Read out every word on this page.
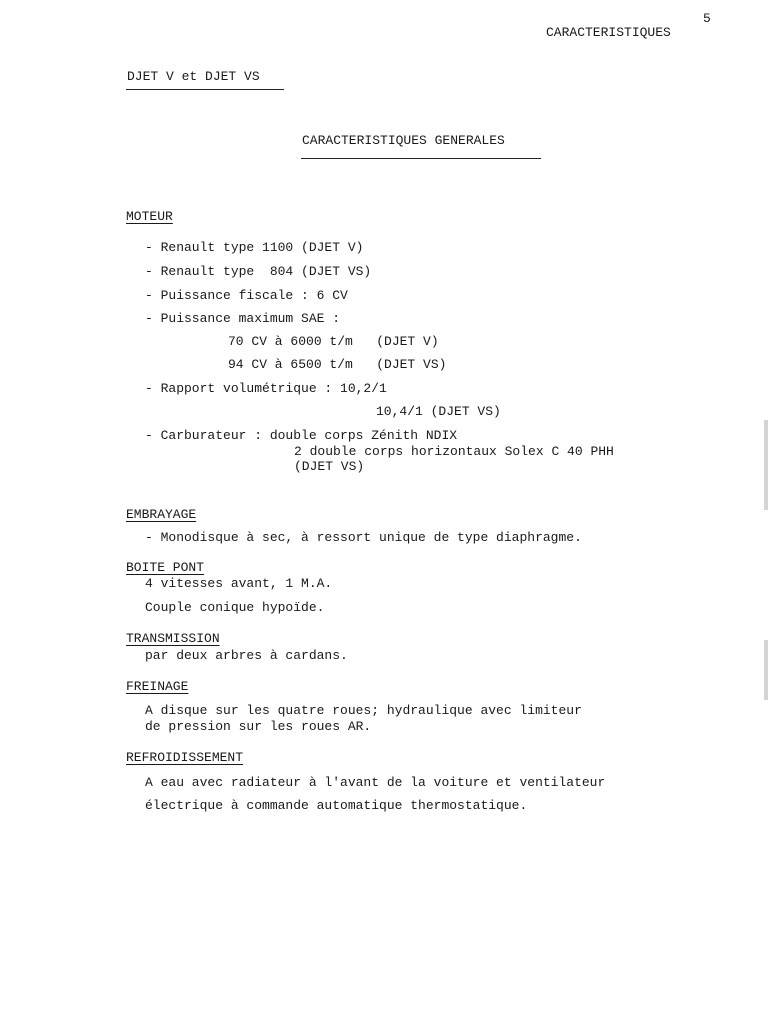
5
CARACTERISTIQUES
DJET V et DJET VS
CARACTERISTIQUES GENERALES
MOTEUR
- Renault type 1100 (DJET V)
- Renault type  804 (DJET VS)
- Puissance fiscale : 6 CV
- Puissance maximum SAE :
70 CV à 6000 t/m   (DJET V)
94 CV à 6500 t/m   (DJET VS)
- Rapport volumétrique : 10,2/1
10,4/1 (DJET VS)
- Carburateur : double corps Zénith NDIX
2 double corps horizontaux Solex C 40 PHH
(DJET VS)
EMBRAYAGE
- Monodisque à sec, à ressort unique de type diaphragme.
BOITE PONT
4 vitesses avant, 1 M.A.
Couple conique hypoïde.
TRANSMISSION
par deux arbres à cardans.
FREINAGE
A disque sur les quatre roues; hydraulique avec limiteur
de pression sur les roues AR.
REFROIDISSEMENT
A eau avec radiateur à l'avant de la voiture et ventilateur
électrique à commande automatique thermostatique.
